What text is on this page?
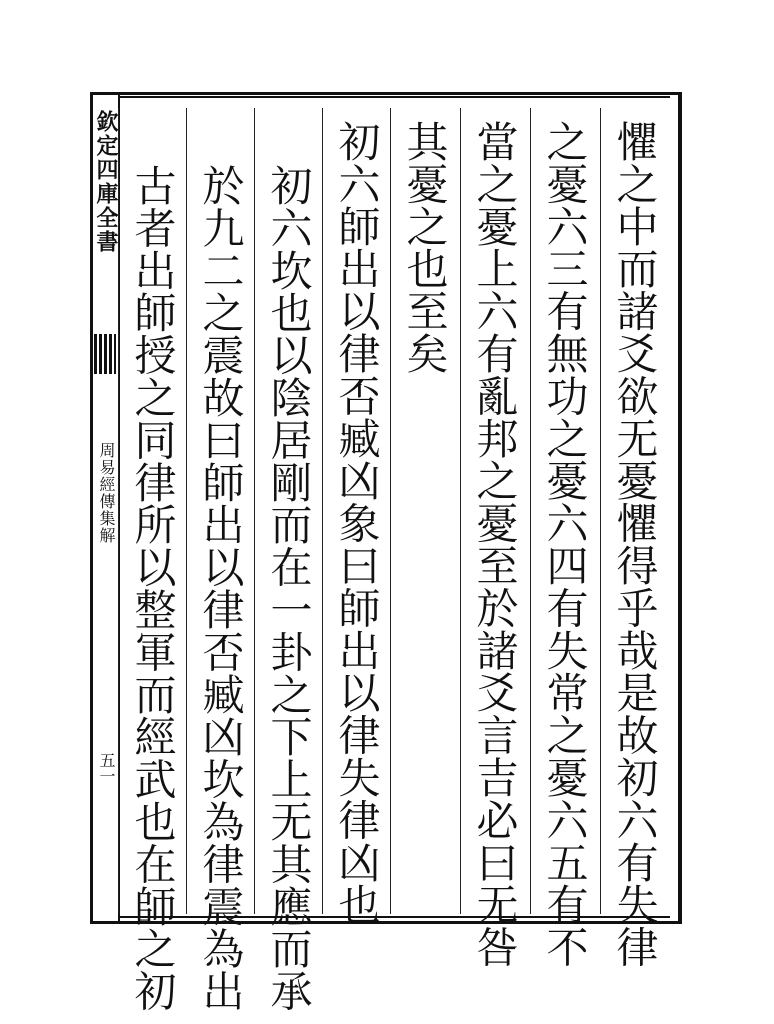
欽定四庫全書
周易經傳集解
五一	懼之中而諸爻欲无憂懼得乎哉是故初六有失律
之憂六三有無功之憂六四有失常之憂六五有不
當之憂上六有亂邦之憂至於諸爻言吉必曰无咎
其憂之也至矣
初六師出以律否臧凶象曰師出以律失律凶也
初六坎也以陰居剛而在一卦之下上无其應而承
於九二之震故曰師出以律否臧凶坎為律震為出
古者出師授之同律所以整軍而經武也在師之初
